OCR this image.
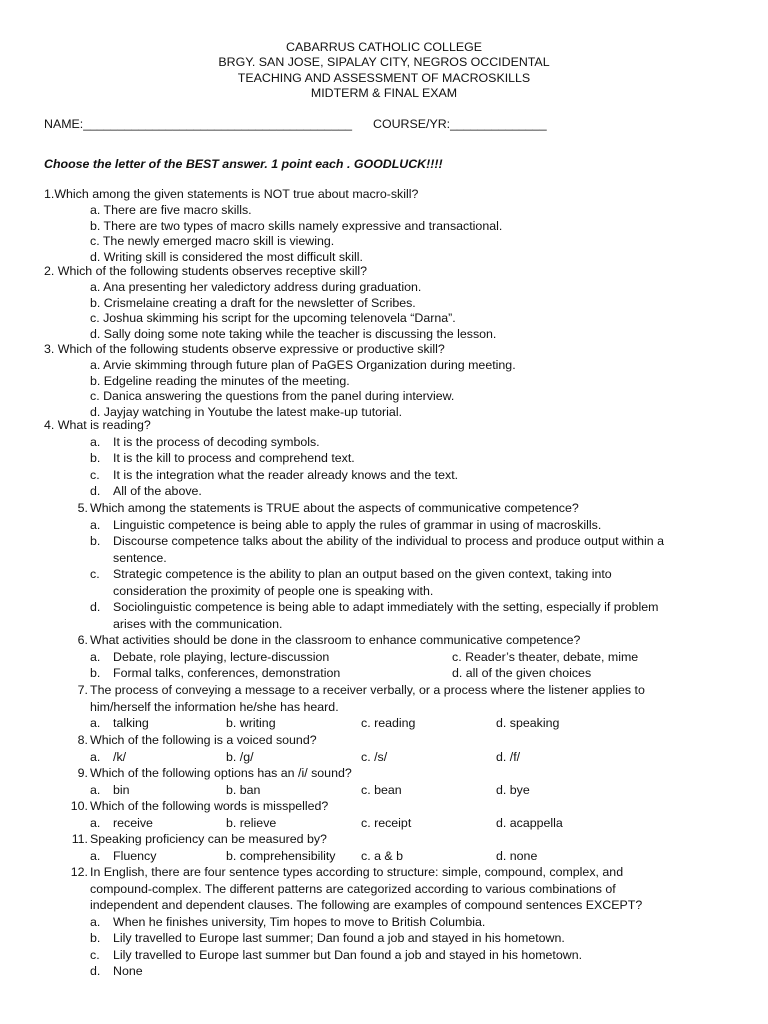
CABARRUS CATHOLIC COLLEGE
BRGY. SAN JOSE, SIPALAY CITY, NEGROS OCCIDENTAL
TEACHING AND ASSESSMENT OF MACROSKILLS
MIDTERM & FINAL EXAM
NAME:_______________________________________ COURSE/YR:______________
Choose the letter of the BEST answer. 1 point each . GOODLUCK!!!!
1.Which among the given statements is NOT true about macro-skill?
a. There are five macro skills.
b. There are two types of macro skills namely expressive and transactional.
c. The newly emerged macro skill is viewing.
d. Writing skill is considered the most difficult skill.
2. Which of the following students observes receptive skill?
a. Ana presenting her valedictory address during graduation.
b. Crismelaine creating a draft for the newsletter of Scribes.
c. Joshua skimming his script for the upcoming telenovela “Darna”.
d. Sally doing some note taking while the teacher is discussing the lesson.
3. Which of the following students observe expressive or productive skill?
a. Arvie skimming through future plan of PaGES Organization during meeting.
b. Edgeline reading the minutes of the meeting.
c. Danica answering the questions from the panel during interview.
d. Jayjay watching in Youtube the latest make-up tutorial.
4. What is reading?
a. It is the process of decoding symbols.
b. It is the kill to process and comprehend text.
c. It is the integration what the reader already knows and the text.
d. All of the above.
5. Which among the statements is TRUE about the aspects of communicative competence?
a. Linguistic competence is being able to apply the rules of grammar in using of macroskills.
b. Discourse competence talks about the ability of the individual to process and produce output within a
sentence.
c. Strategic competence is the ability to plan an output based on the given context, taking into
consideration the proximity of people one is speaking with.
d. Sociolinguistic competence is being able to adapt immediately with the setting, especially if problem
arises with the communication.
6. What activities should be done in the classroom to enhance communicative competence?
a. Debate, role playing, lecture-discussion	c. Reader’s theater, debate, mime
b. Formal talks, conferences, demonstration	d. all of the given choices
7. The process of conveying a message to a receiver verbally, or a process where the listener applies to
him/herself the information he/she has heard.
a. talking	b. writing	c. reading	d. speaking
8. Which of the following is a voiced sound?
a. /k/	b. /g/	c. /s/	d. /f/
9. Which of the following options has an /i/ sound?
a. bin	b. ban	c. bean	d. bye
10. Which of the following words is misspelled?
a. receive	b. relieve	c. receipt	d. acappella
11. Speaking proficiency can be measured by?
a. Fluency	b. comprehensibility c. a & b	d. none
12. In English, there are four sentence types according to structure: simple, compound, complex, and
compound-complex. The different patterns are categorized according to various combinations of
independent and dependent clauses. The following are examples of compound sentences EXCEPT?
a. When he finishes university, Tim hopes to move to British Columbia.
b. Lily travelled to Europe last summer; Dan found a job and stayed in his hometown.
c. Lily travelled to Europe last summer but Dan found a job and stayed in his hometown.
d. None
